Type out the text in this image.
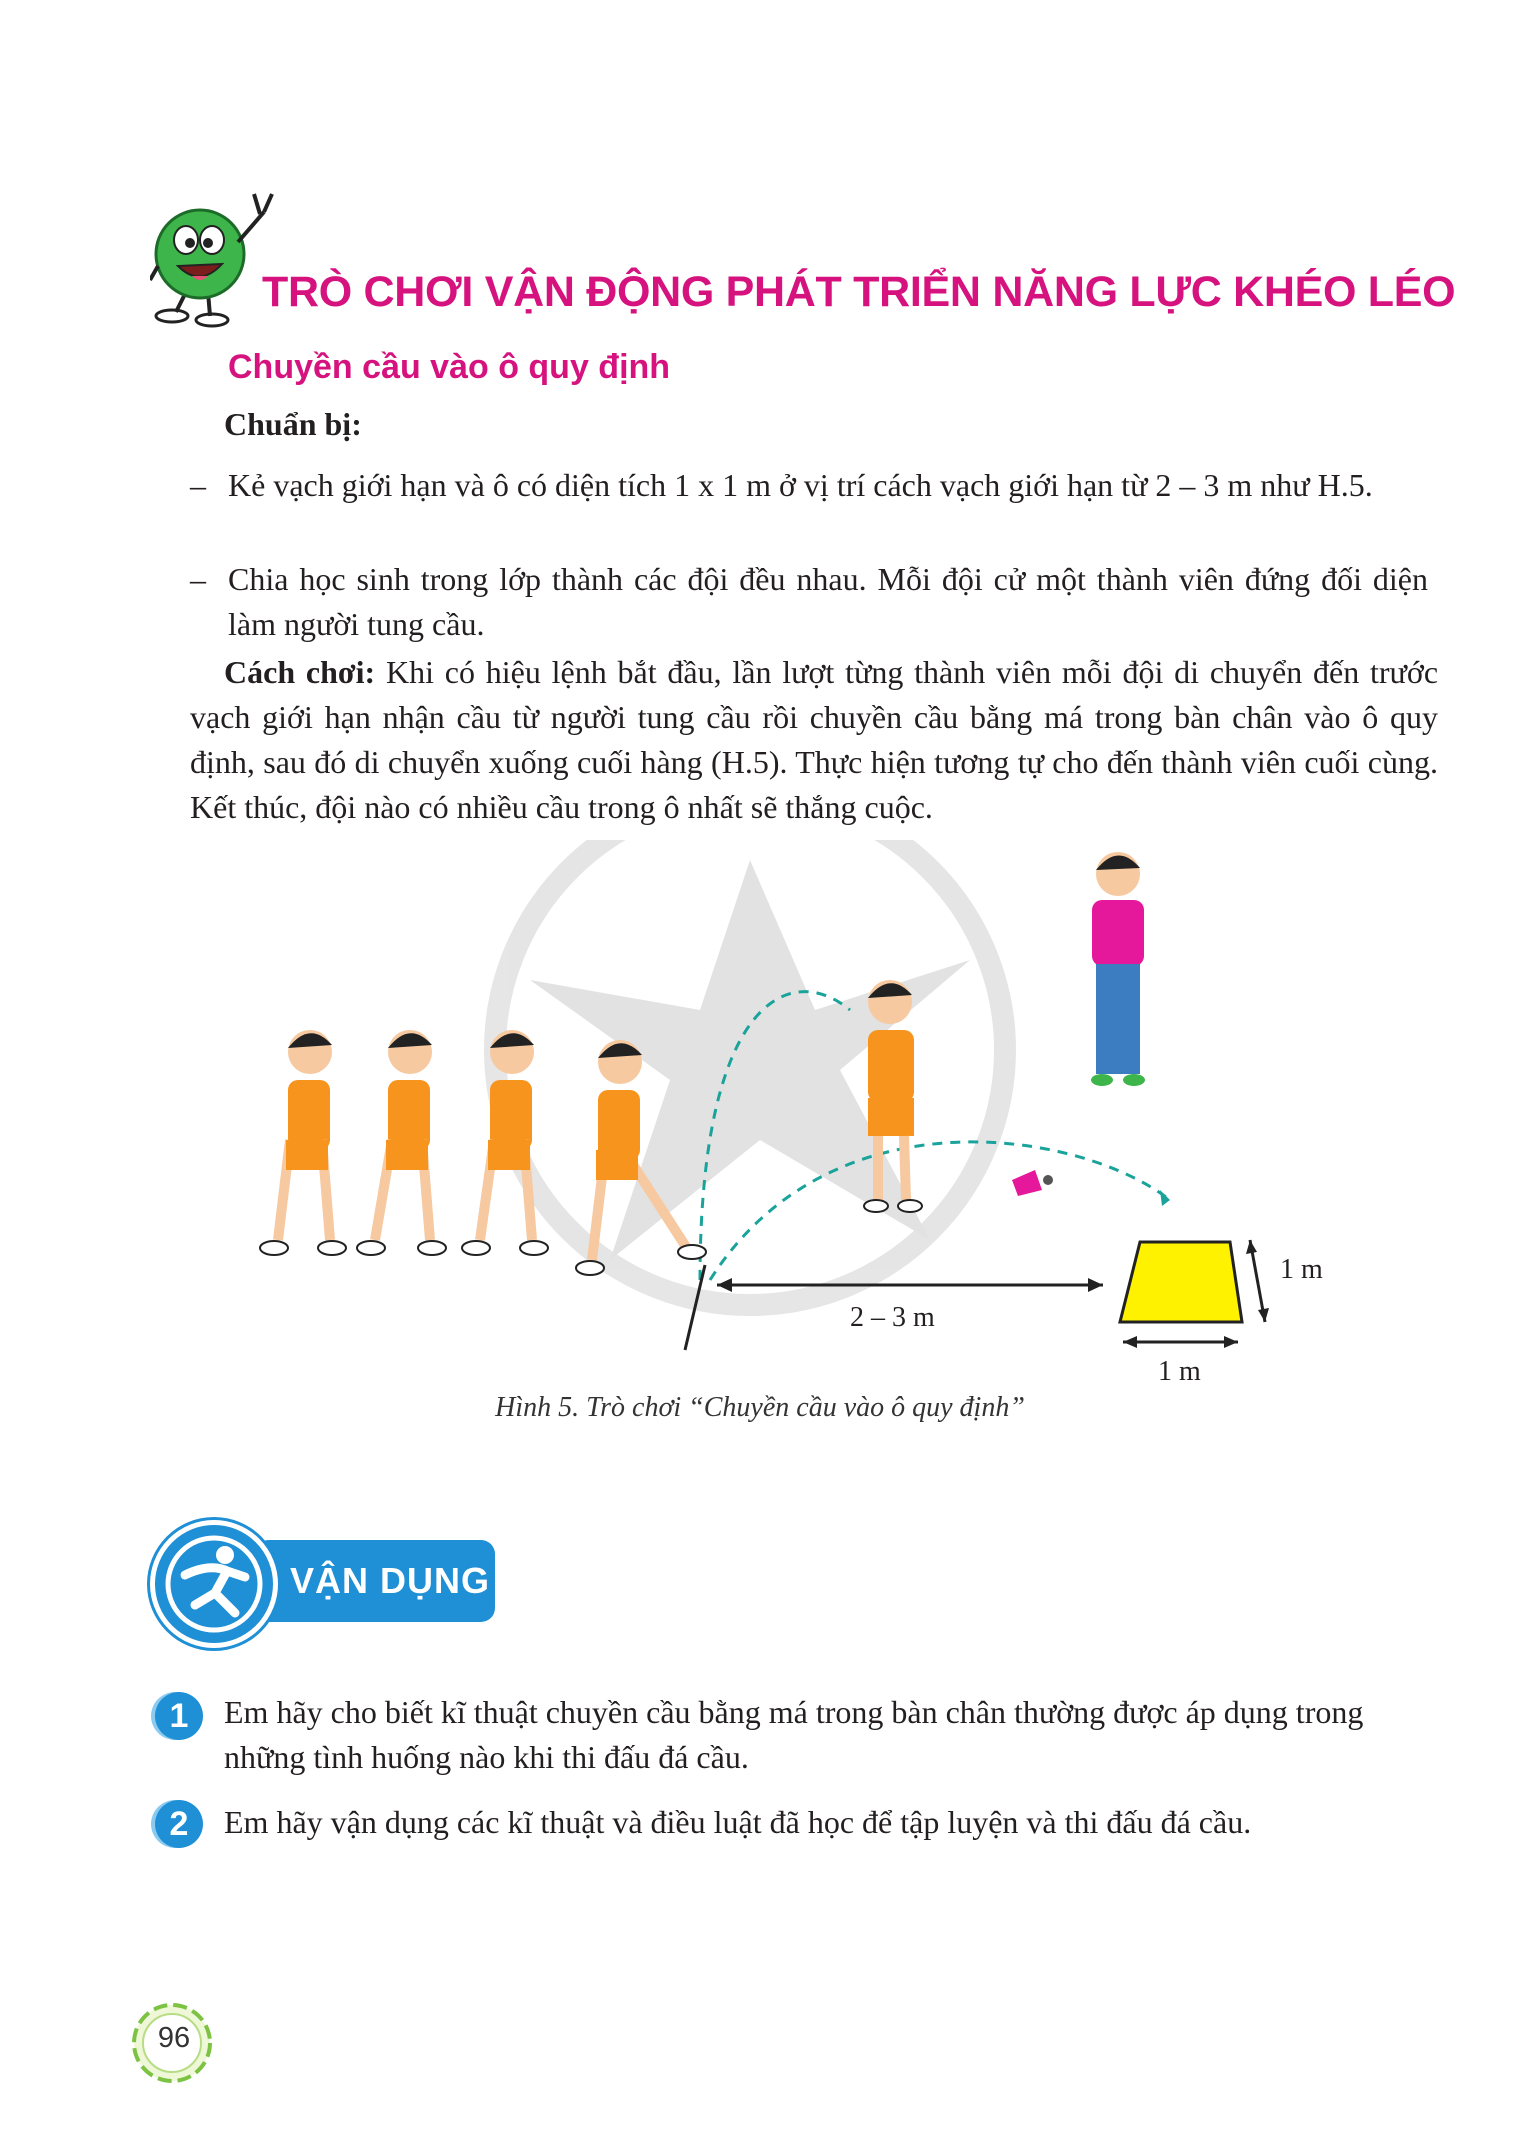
TRÒ CHƠI VẬN ĐỘNG PHÁT TRIỂN NĂNG LỰC KHÉO LÉO
Chuyền cầu vào ô quy định
Chuẩn bị:
– Kẻ vạch giới hạn và ô có diện tích 1 x 1 m ở vị trí cách vạch giới hạn từ 2 – 3 m như H.5.
– Chia học sinh trong lớp thành các đội đều nhau. Mỗi đội cử một thành viên đứng đối diện làm người tung cầu.
Cách chơi: Khi có hiệu lệnh bắt đầu, lần lượt từng thành viên mỗi đội di chuyển đến trước vạch giới hạn nhận cầu từ người tung cầu rồi chuyền cầu bằng má trong bàn chân vào ô quy định, sau đó di chuyển xuống cuối hàng (H.5). Thực hiện tương tự cho đến thành viên cuối cùng. Kết thúc, đội nào có nhiều cầu trong ô nhất sẽ thắng cuộc.
2 – 3 m
1 m
1 m
Hình 5. Trò chơi “Chuyền cầu vào ô quy định”
VẬN DỤNG
1	Em hãy cho biết kĩ thuật chuyền cầu bằng má trong bàn chân thường được áp dụng trong những tình huống nào khi thi đấu đá cầu.
2	Em hãy vận dụng các kĩ thuật và điều luật đã học để tập luyện và thi đấu đá cầu.
96
